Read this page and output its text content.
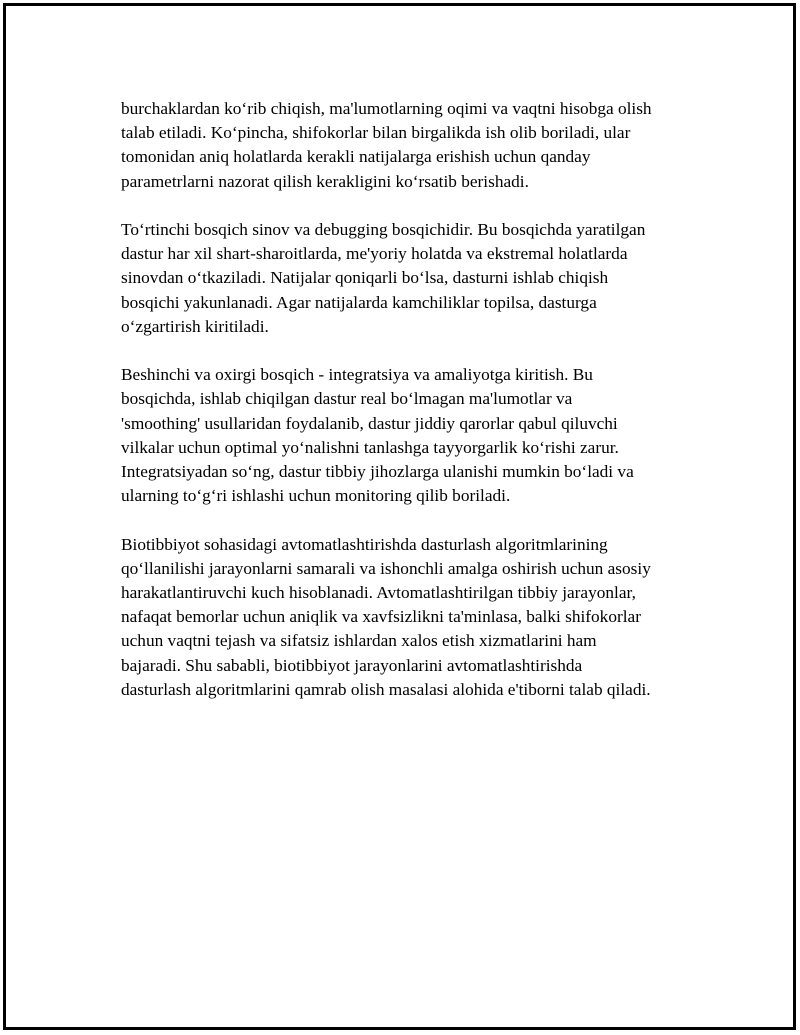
burchaklardan ko‘rib chiqish, ma'lumotlarning oqimi va vaqtni hisobga olish
talab etiladi. Ko‘pincha, shifokorlar bilan birgalikda ish olib boriladi, ular
tomonidan aniq holatlarda kerakli natijalarga erishish uchun qanday
parametrlarni nazorat qilish kerakligini ko‘rsatib berishadi.

To‘rtinchi bosqich sinov va debugging bosqichidir. Bu bosqichda yaratilgan
dastur har xil shart-sharoitlarda, me'yoriy holatda va ekstremal holatlarda
sinovdan o‘tkaziladi. Natijalar qoniqarli bo‘lsa, dasturni ishlab chiqish
bosqichi yakunlanadi. Agar natijalarda kamchiliklar topilsa, dasturga
o‘zgartirish kiritiladi.

Beshinchi va oxirgi bosqich - integratsiya va amaliyotga kiritish. Bu
bosqichda, ishlab chiqilgan dastur real bo‘lmagan ma'lumotlar va
'smoothing' usullaridan foydalanib, dastur jiddiy qarorlar qabul qiluvchi
vilkalar uchun optimal yo‘nalishni tanlashga tayyorgarlik ko‘rishi zarur.
Integratsiyadan so‘ng, dastur tibbiy jihozlarga ulanishi mumkin bo‘ladi va
ularning to‘g‘ri ishlashi uchun monitoring qilib boriladi.

Biotibbiyot sohasidagi avtomatlashtirishda dasturlash algoritmlarining
qo‘llanilishi jarayonlarni samarali va ishonchli amalga oshirish uchun asosiy
harakatlantiruvchi kuch hisoblanadi. Avtomatlashtirilgan tibbiy jarayonlar,
nafaqat bemorlar uchun aniqlik va xavfsizlikni ta'minlasa, balki shifokorlar
uchun vaqtni tejash va sifatsiz ishlardan xalos etish xizmatlarini ham
bajaradi. Shu sababli, biotibbiyot jarayonlarini avtomatlashtirishda
dasturlash algoritmlarini qamrab olish masalasi alohida e'tiborni talab qiladi.
